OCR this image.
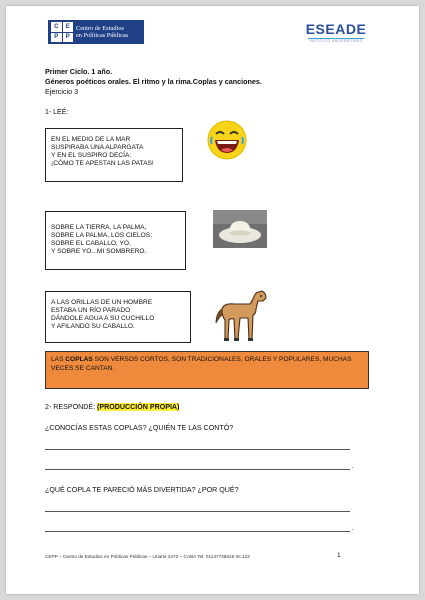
C	E
P	P
Centro de Estudios
en Políticas Públicas	ESEADE
INSTITUTO UNIVERSITARIO
Primer Ciclo. 1 año.
Géneros poéticos orales. El ritmo y la rima.Coplas y canciones.
Ejercicio 3
1- LEÉ:
EN EL MEDIO DE LA MAR
SUSPIRABA UNA ALPARGATA
Y EN EL SUSPIRO DECÍA:
¡CÓMO TE APESTAN LAS PATAS!
SOBRE LA TIERRA, LA PALMA,
SOBRE LA PALMA, LOS CIELOS;
SOBRE EL CABALLO, YO,
Y SOBRE YO...MI SOMBRERO.
A LAS ORILLAS DE UN HOMBRE
ESTABA UN RÍO PARADO
DÁNDOLE AGUA A SU CUCHILLO
Y AFILANDO SU CABALLO.
LAS COPLAS SON VERSOS CORTOS, SON TRADICIONALES, ORALES Y POPULARES, MUCHAS VECES SE CANTAN.
2- RESPONDÉ: (PRODUCCIÓN PROPIA)
¿CONOCÍAS ESTAS COPLAS? ¿QUIÉN TE LAS CONTÓ?
.
¿QUÉ COPLA TE PARECIÓ MÁS DIVERTIDA? ¿POR QUÉ?
.
CEPP – Centro de Estudios en Políticas Públicas – Uriarte 2472 – CABA Tel: 01147735625 Int.122	1
